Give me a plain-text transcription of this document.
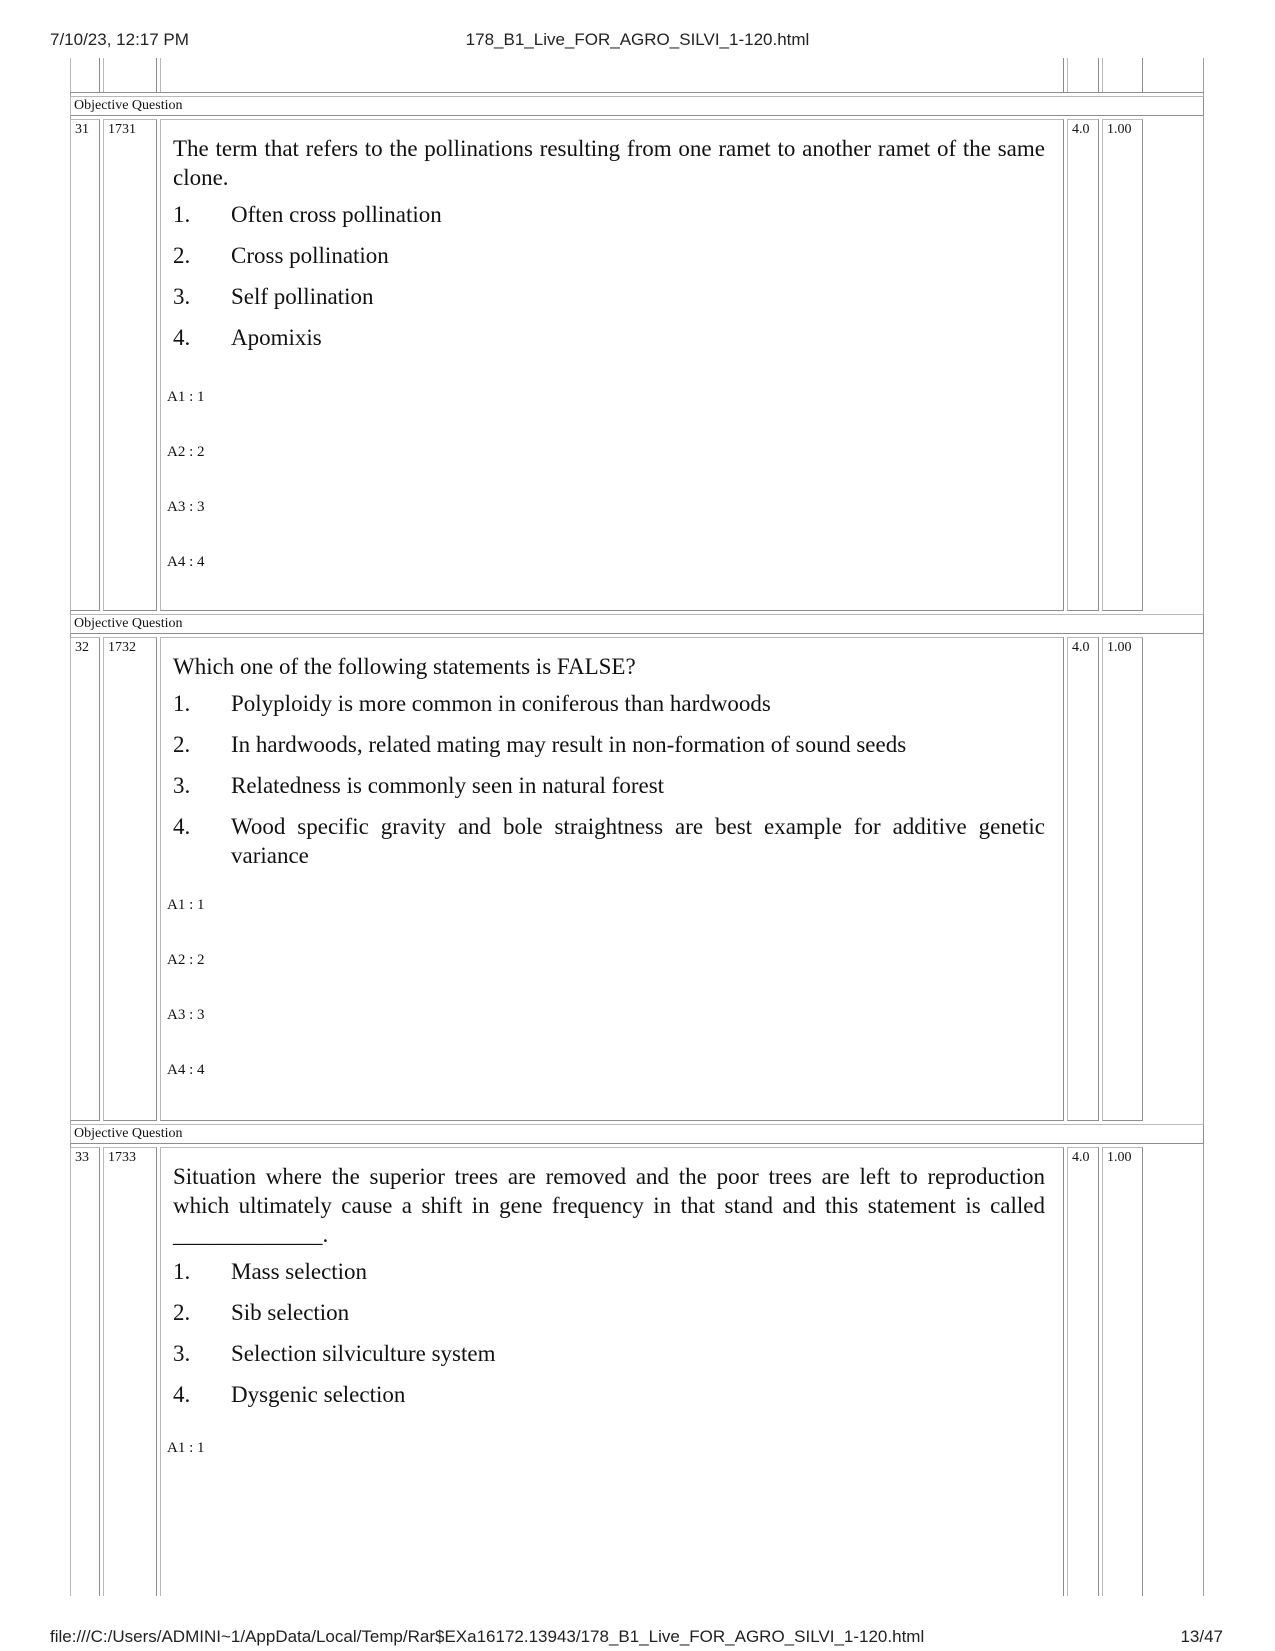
7/10/23, 12:17 PM	178_B1_Live_FOR_AGRO_SILVI_1-120.html
Objective Question
31	1731
The term that refers to the pollinations resulting from one ramet to another ramet of the same clone.
1.	Often cross pollination
2.	Cross pollination
3.	Self pollination
4.	Apomixis
A1 : 1
A2 : 2
A3 : 3
A4 : 4
4.0	1.00
Objective Question
32	1732
Which one of the following statements is FALSE?
1.	Polyploidy is more common in coniferous than hardwoods
2.	In hardwoods, related mating may result in non-formation of sound seeds
3.	Relatedness is commonly seen in natural forest
4.	Wood specific gravity and bole straightness are best example for additive genetic variance
A1 : 1
A2 : 2
A3 : 3
A4 : 4
4.0	1.00
Objective Question
33	1733
Situation where the superior trees are removed and the poor trees are left to reproduction which ultimately cause a shift in gene frequency in that stand and this statement is called _____________.
1.	Mass selection
2.	Sib selection
3.	Selection silviculture system
4.	Dysgenic selection
A1 : 1
4.0	1.00
file:///C:/Users/ADMINI~1/AppData/Local/Temp/Rar$EXa16172.13943/178_B1_Live_FOR_AGRO_SILVI_1-120.html	13/47
